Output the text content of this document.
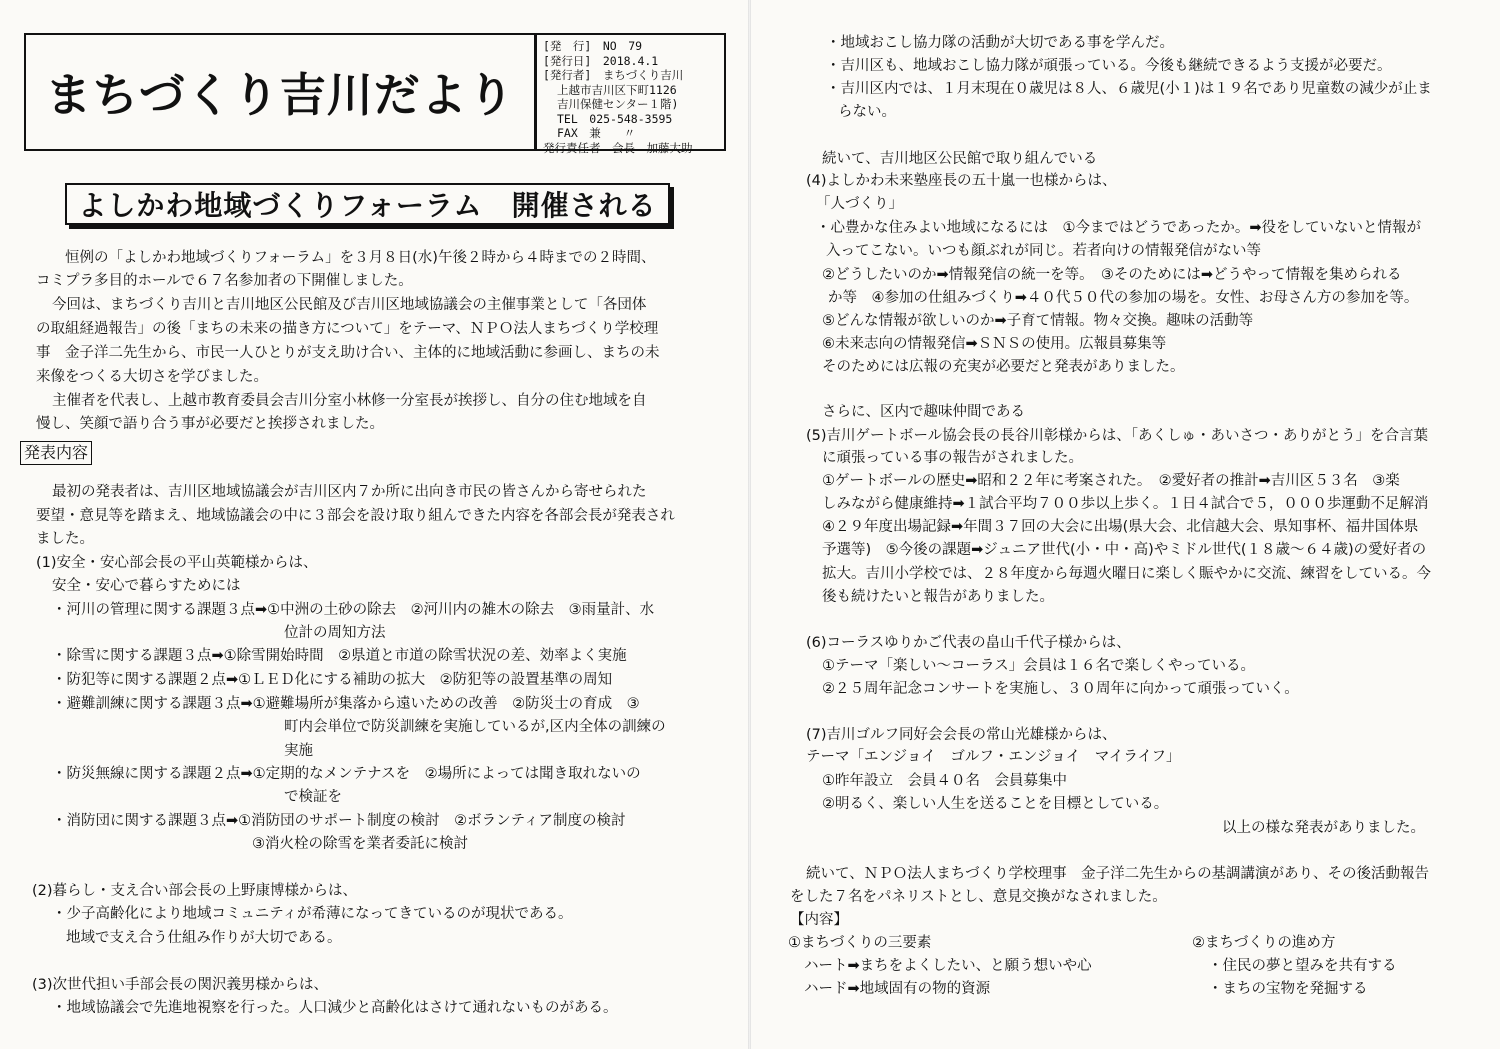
まちづくり吉川だより
[発　行]　NO　79
[発行日]　2018.4.1
[発行者]　まちづくり吉川
上越市吉川区下町1126
吉川保健センター１階)
TEL　025-548-3595
FAX　兼　　〃
発行責任者　会長　加藤大助
よしかわ地域づくりフォーラム　開催される
恒例の「よしかわ地域づくりフォーラム」を３月８日(水)午後２時から４時までの２時間、
コミプラ多目的ホールで６７名参加者の下開催しました。
今回は、まちづくり吉川と吉川地区公民館及び吉川区地域協議会の主催事業として「各団体
の取組経過報告」の後「まちの未来の描き方について」をテーマ、ＮＰＯ法人まちづくり学校理
事　金子洋二先生から、市民一人ひとりが支え助け合い、主体的に地域活動に参画し、まちの未
来像をつくる大切さを学びました。
主催者を代表し、上越市教育委員会吉川分室小林修一分室長が挨拶し、自分の住む地域を自
慢し、笑顔で語り合う事が必要だと挨拶されました。
発表内容
最初の発表者は、吉川区地域協議会が吉川区内７か所に出向き市民の皆さんから寄せられた
要望・意見等を踏まえ、地域協議会の中に３部会を設け取り組んできた内容を各部会長が発表され
ました。
(1)安全・安心部会長の平山英範様からは、
安全・安心で暮らすためには
・河川の管理に関する課題３点➡①中洲の土砂の除去　②河川内の雑木の除去　③雨量計、水
位計の周知方法
・除雪に関する課題３点➡①除雪開始時間　②県道と市道の除雪状況の差、効率よく実施
・防犯等に関する課題２点➡①ＬＥＤ化にする補助の拡大　②防犯等の設置基準の周知
・避難訓練に関する課題３点➡①避難場所が集落から遠いための改善　②防災士の育成　③
町内会単位で防災訓練を実施しているが,区内全体の訓練の
実施
・防災無線に関する課題２点➡①定期的なメンテナスを　②場所によっては聞き取れないの
で検証を
・消防団に関する課題３点➡①消防団のサポート制度の検討　②ボランティア制度の検討
③消火栓の除雪を業者委託に検討
(2)暮らし・支え合い部会長の上野康博様からは、
・少子高齢化により地域コミュニティが希薄になってきているのが現状である。
地域で支え合う仕組み作りが大切である。
(3)次世代担い手部会長の関沢義男様からは、
・地域協議会で先進地視察を行った。人口減少と高齢化はさけて通れないものがある。
・地域おこし協力隊の活動が大切である事を学んだ。
・吉川区も、地域おこし協力隊が頑張っている。今後も継続できるよう支援が必要だ。
・吉川区内では、１月末現在０歳児は８人、６歳児(小１)は１９名であり児童数の減少が止ま
らない。
続いて、吉川地区公民館で取り組んでいる
(4)よしかわ未来塾座長の五十嵐一也様からは、
「人づくり」
・心豊かな住みよい地域になるには　①今まではどうであったか。➡役をしていないと情報が
入ってこない。いつも顔ぶれが同じ。若者向けの情報発信がない等
②どうしたいのか➡情報発信の統一を等。　③そのためには➡どうやって情報を集められる
か等　④参加の仕組みづくり➡４０代５０代の参加の場を。女性、お母さん方の参加を等。
⑤どんな情報が欲しいのか➡子育て情報。物々交換。趣味の活動等
⑥未来志向の情報発信➡ＳＮＳの使用。広報員募集等
そのためには広報の充実が必要だと発表がありました。
さらに、区内で趣味仲間である
(5)吉川ゲートボール協会長の長谷川彰様からは、「あくしゅ・あいさつ・ありがとう」を合言葉
に頑張っている事の報告がされました。
①ゲートボールの歴史➡昭和２２年に考案された。　②愛好者の推計➡吉川区５３名　③楽
しみながら健康維持➡１試合平均７００歩以上歩く。１日４試合で５，０００歩運動不足解消
④２９年度出場記録➡年間３７回の大会に出場(県大会、北信越大会、県知事杯、福井国体県
予選等)　⑤今後の課題➡ジュニア世代(小・中・高)やミドル世代(１８歳～６４歳)の愛好者の
拡大。吉川小学校では、２８年度から毎週火曜日に楽しく賑やかに交流、練習をしている。今
後も続けたいと報告がありました。
(6)コーラスゆりかご代表の畠山千代子様からは、
①テーマ「楽しい～コーラス」会員は１６名で楽しくやっている。
②２５周年記念コンサートを実施し、３０周年に向かって頑張っていく。
(7)吉川ゴルフ同好会会長の常山光雄様からは、
テーマ「エンジョイ　ゴルフ・エンジョイ　マイライフ」
①昨年設立　会員４０名　会員募集中
②明るく、楽しい人生を送ることを目標としている。
以上の様な発表がありました。
続いて、ＮＰＯ法人まちづくり学校理事　金子洋二先生からの基調講演があり、その後活動報告
をした７名をパネリストとし、意見交換がなされました。
【内容】
①まちづくりの三要素	②まちづくりの進め方
ハート➡まちをよくしたい、と願う想いや心	・住民の夢と望みを共有する
ハード➡地域固有の物的資源	・まちの宝物を発掘する
